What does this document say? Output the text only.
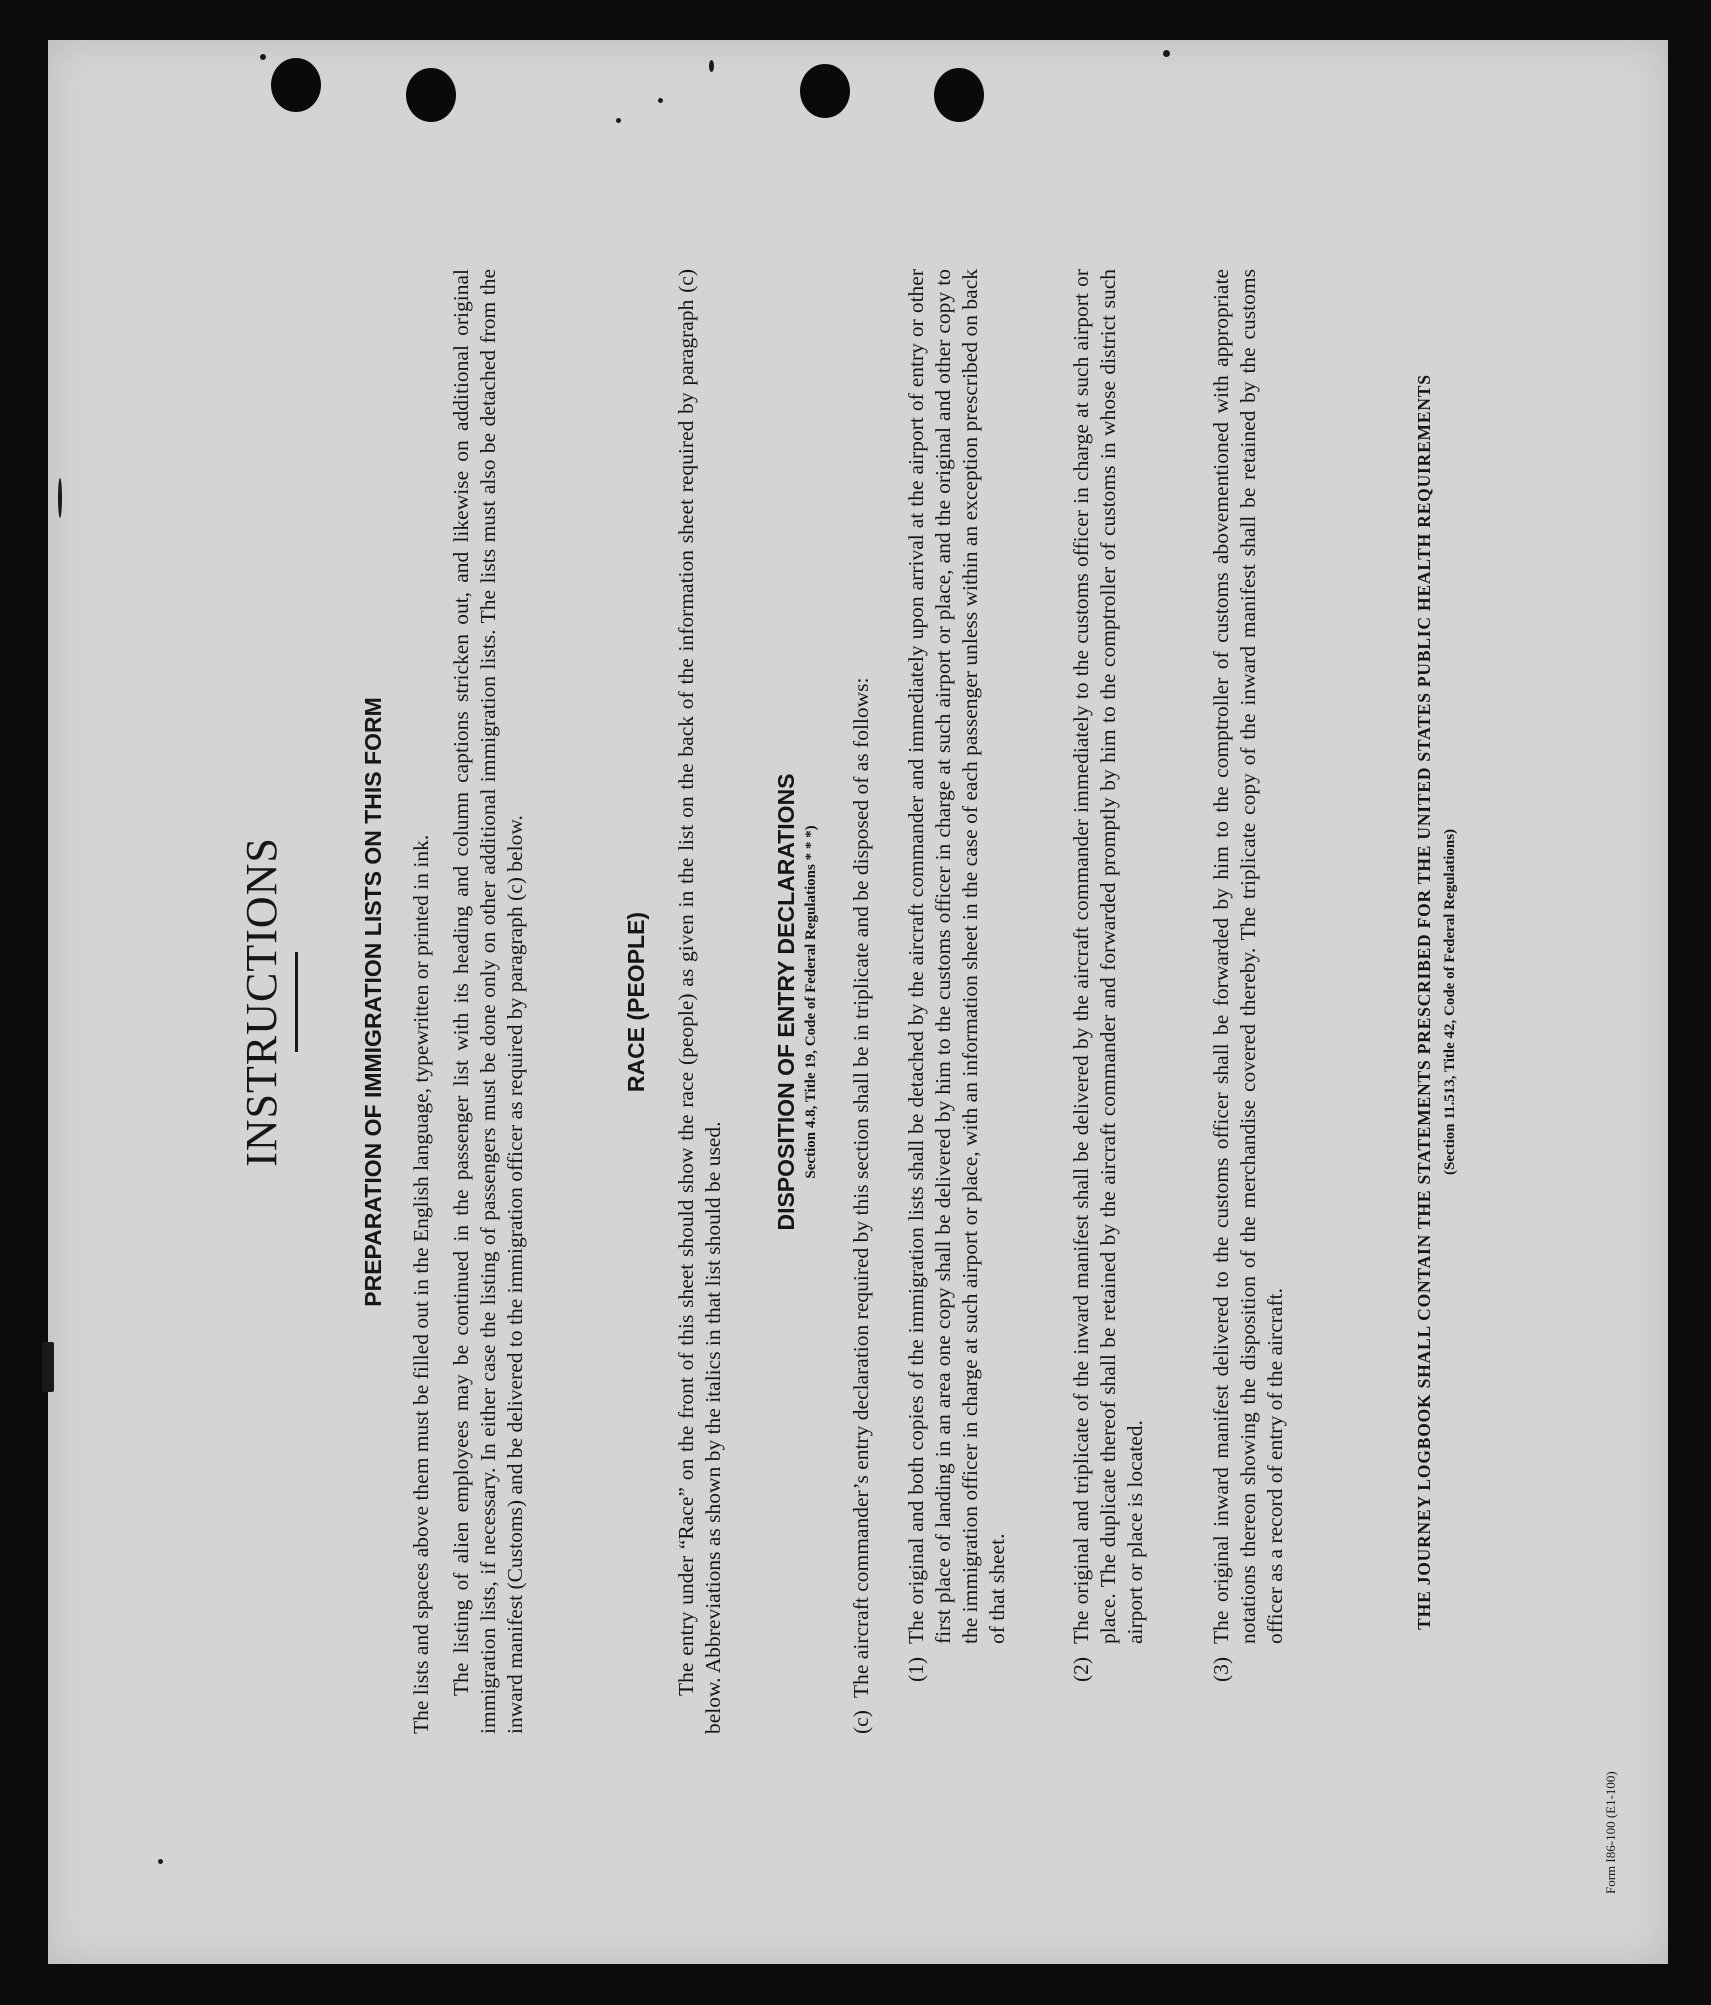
INSTRUCTIONS	PREPARATION OF IMMIGRATION LISTS ON THIS FORM The lists and spaces above them must be filled out in the English language, typewritten or printed in ink. The listing of alien employees may be continued in the passenger list with its heading and column captions stricken out, and likewise on additional original immigration lists, if necessary. In either case the listing of passengers must be done only on other additional immigration lists. The lists must also be detached from the inward manifest (Customs) and be delivered to the immigration officer as required by paragraph (c) below.	RACE (PEOPLE) The entry under “Race” on the front of this sheet should show the race (people) as given in the list on the back of the information sheet required by paragraph (c) below. Abbreviations as shown by the italics in that list should be used.

DISPOSITION OF ENTRY DECLARATIONS Section 4.8, Title 19, Code of Federal Regulations * * *)
(c)
The aircraft commander’s entry declaration required by this section shall be in triplicate and be disposed of as follows: (1)
The original and both copies of the immigration lists shall be detached by the aircraft commander and immediately upon arrival at the airport of entry or other first place of landing in an area one copy shall be delivered by him to the customs officer in charge at such airport or place, and the original and other copy to the immigration officer in charge at such airport or place, with an information sheet in the case of each passenger unless within an exception prescribed on back of that sheet.
(2)
The original and triplicate of the inward manifest shall be delivered by the aircraft commander immediately to the customs officer in charge at such airport or place. The duplicate thereof shall be retained by the aircraft commander and forwarded promptly by him to the comptroller of customs in whose district such airport or place is located.
(3)
The original inward manifest delivered to the customs officer shall be forwarded by him to the comptroller of customs abovementioned with appropriate notations thereon showing the disposition of the merchandise covered thereby. The triplicate copy of the inward manifest shall be retained by the customs officer as a record of entry of the aircraft.	THE JOURNEY LOGBOOK SHALL CONTAIN THE STATEMENTS PRESCRIBED FOR THE UNITED STATES PUBLIC HEALTH REQUIREMENTS (Section 11.513, Title 42, Code of Federal Regulations)
Form I86-100 (E1-100)
